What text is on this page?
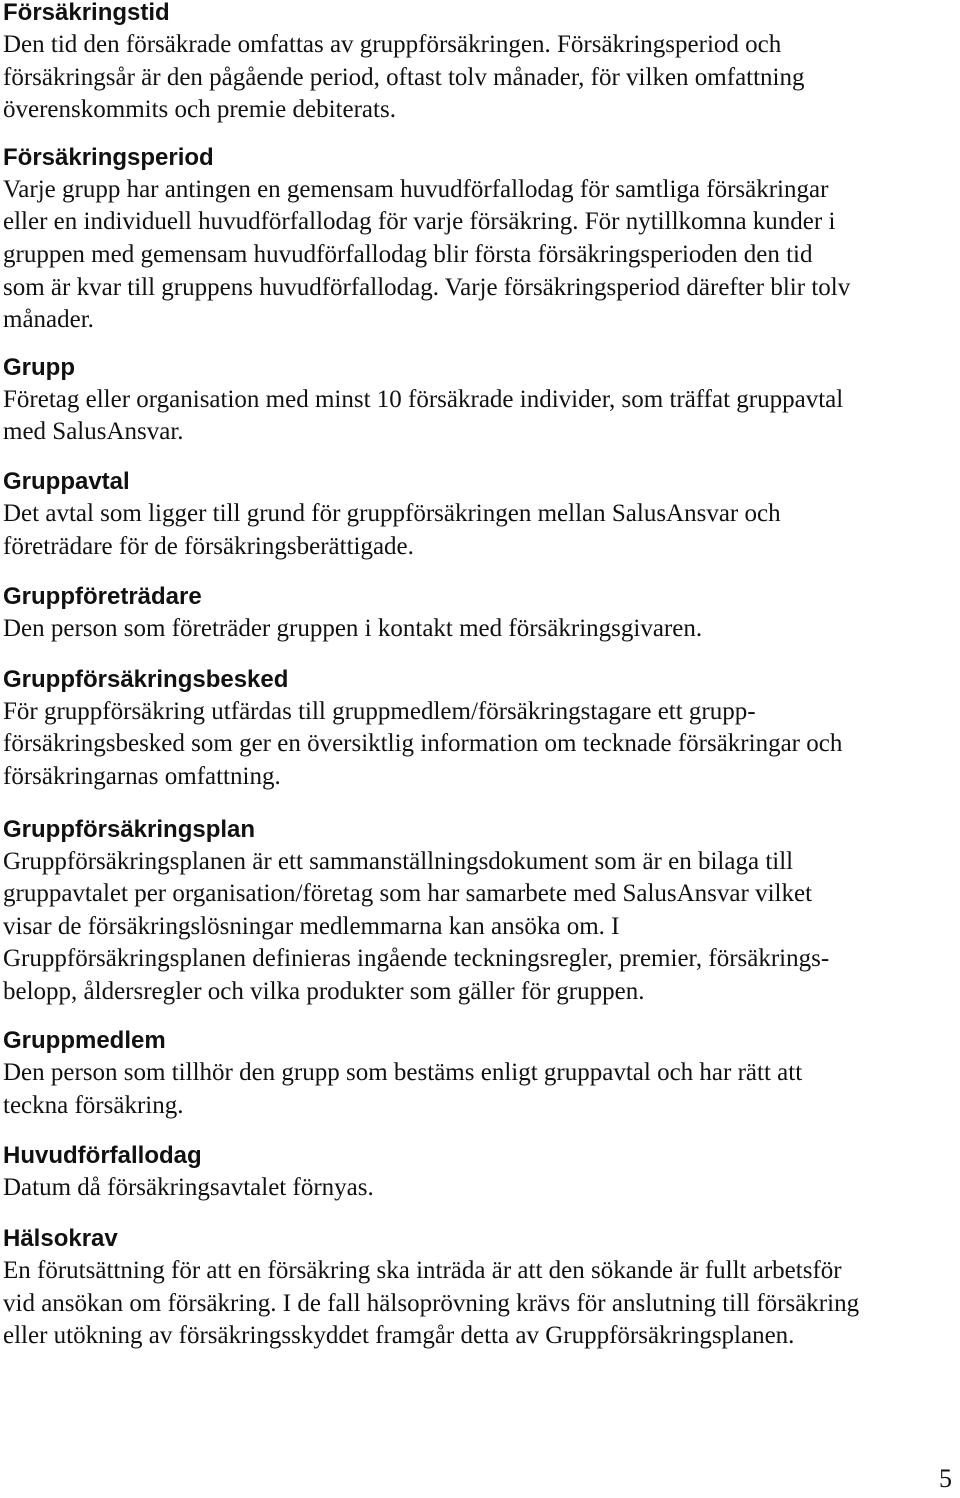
Försäkringstid

Den tid den försäkrade omfattas av gruppförsäkringen. Försäkringsperiod och
försäkringsår är den pågående period, oftast tolv månader, för vilken omfattning
överenskommits och premie debiterats.

Försäkringsperiod

Varje grupp har antingen en gemensam huvudförfallodag för samtliga försäkringar
eller en individuell huvudförfallodag för varje försäkring. För nytillkomna kunder i
gruppen med gemensam huvudförfallodag blir första försäkringsperioden den tid
som är kvar till gruppens huvudförfallodag. Varje försäkringsperiod därefter blir tolv
månader.

Grupp

Företag eller organisation med minst 10 försäkrade individer, som träffat gruppavtal
med SalusAnsvar.

Gruppavtal

Det avtal som ligger till grund för gruppförsäkringen mellan SalusAnsvar och
företrädare för de försäkringsberättigade.

Gruppföreträdare

Den person som företräder gruppen i kontakt med försäkringsgivaren.

Gruppförsäkringsbesked

För gruppförsäkring utfärdas till gruppmedlem/försäkringstagare ett grupp-
försäkringsbesked som ger en översiktlig information om tecknade försäkringar och
försäkringarnas omfattning.

Gruppförsäkringsplan

Gruppförsäkringsplanen är ett sammanställningsdokument som är en bilaga till
gruppavtalet per organisation/företag som har samarbete med SalusAnsvar vilket
visar de försäkringslösningar medlemmarna kan ansöka om. I
Gruppförsäkringsplanen definieras ingående teckningsregler, premier, försäkrings-
belopp, åldersregler och vilka produkter som gäller för gruppen.

Gruppmedlem

Den person som tillhör den grupp som bestäms enligt gruppavtal och har rätt att
teckna försäkring.

Huvudförfallodag

Datum då försäkringsavtalet förnyas.

Hälsokrav

En förutsättning för att en försäkring ska inträda är att den sökande är fullt arbetsför
vid ansökan om försäkring. I de fall hälsoprövning krävs för anslutning till försäkring
eller utökning av försäkringsskyddet framgår detta av Gruppförsäkringsplanen.

5
